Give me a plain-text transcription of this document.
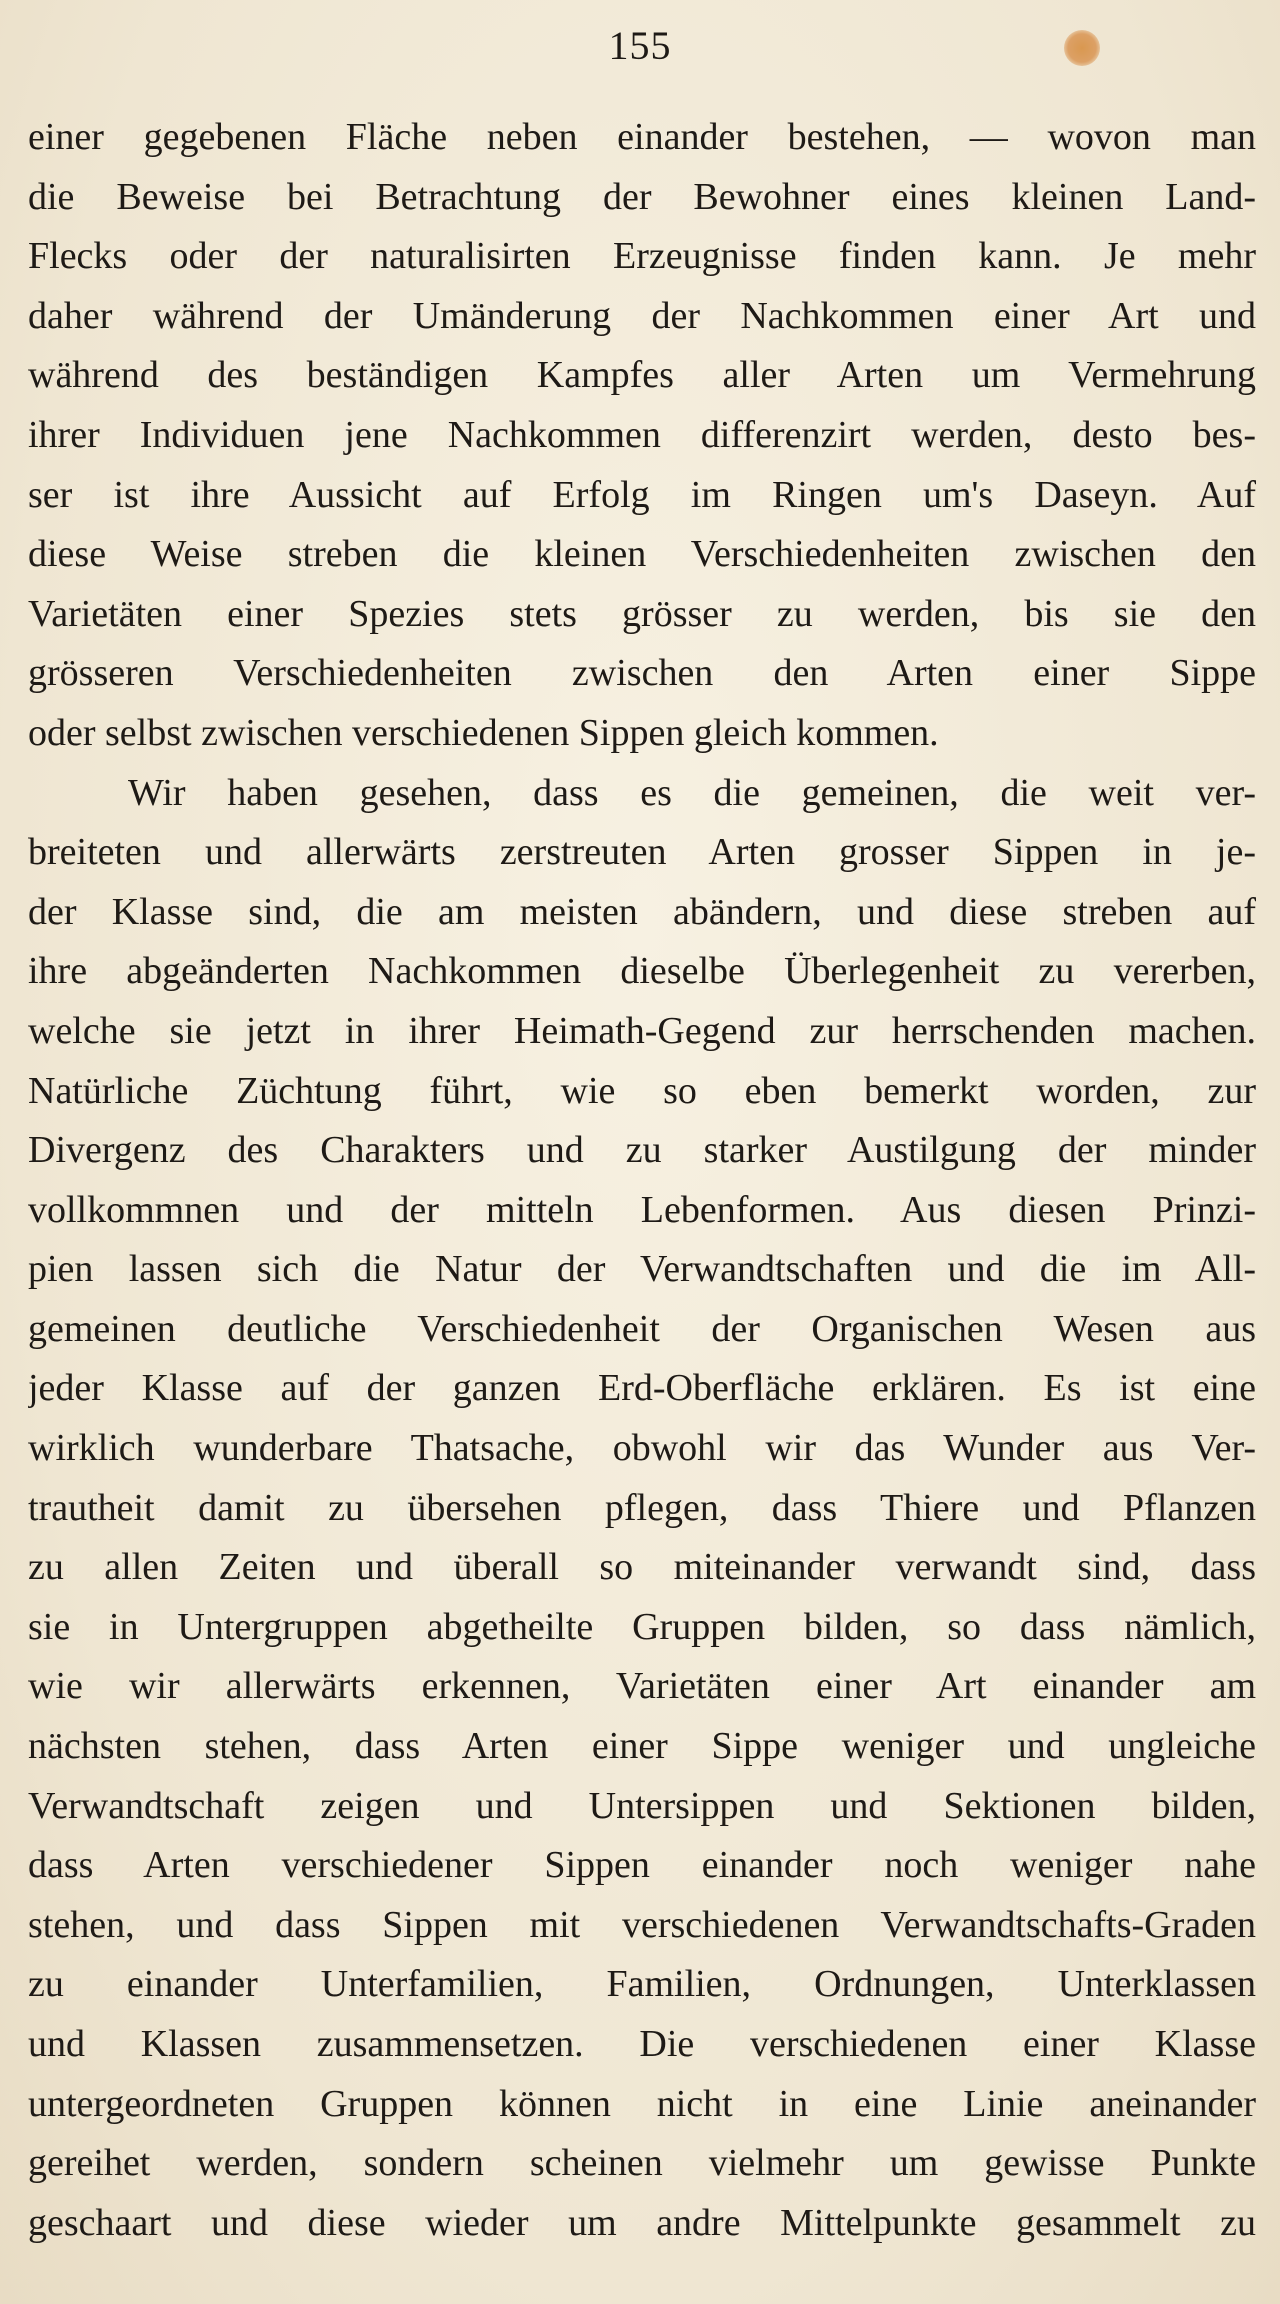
155
einer gegebenen Fläche neben einander bestehen, — wovon man
die Beweise bei Betrachtung der Bewohner eines kleinen Land-
Flecks oder der naturalisirten Erzeugnisse finden kann. Je mehr
daher während der Umänderung der Nachkommen einer Art und
während des beständigen Kampfes aller Arten um Vermehrung
ihrer Individuen jene Nachkommen differenzirt werden, desto bes-
ser ist ihre Aussicht auf Erfolg im Ringen um's Daseyn. Auf
diese Weise streben die kleinen Verschiedenheiten zwischen den
Varietäten einer Spezies stets grösser zu werden, bis sie den
grösseren Verschiedenheiten zwischen den Arten einer Sippe
oder selbst zwischen verschiedenen Sippen gleich kommen.
Wir haben gesehen, dass es die gemeinen, die weit ver-
breiteten und allerwärts zerstreuten Arten grosser Sippen in je-
der Klasse sind, die am meisten abändern, und diese streben auf
ihre abgeänderten Nachkommen dieselbe Überlegenheit zu vererben,
welche sie jetzt in ihrer Heimath-Gegend zur herrschenden machen.
Natürliche Züchtung führt, wie so eben bemerkt worden, zur
Divergenz des Charakters und zu starker Austilgung der minder
vollkommnen und der mitteln Lebenformen. Aus diesen Prinzi-
pien lassen sich die Natur der Verwandtschaften und die im All-
gemeinen deutliche Verschiedenheit der Organischen Wesen aus
jeder Klasse auf der ganzen Erd-Oberfläche erklären. Es ist eine
wirklich wunderbare Thatsache, obwohl wir das Wunder aus Ver-
trautheit damit zu übersehen pflegen, dass Thiere und Pflanzen
zu allen Zeiten und überall so miteinander verwandt sind, dass
sie in Untergruppen abgetheilte Gruppen bilden, so dass nämlich,
wie wir allerwärts erkennen, Varietäten einer Art einander am
nächsten stehen, dass Arten einer Sippe weniger und ungleiche
Verwandtschaft zeigen und Untersippen und Sektionen bilden,
dass Arten verschiedener Sippen einander noch weniger nahe
stehen, und dass Sippen mit verschiedenen Verwandtschafts-Graden
zu einander Unterfamilien, Familien, Ordnungen, Unterklassen
und Klassen zusammensetzen. Die verschiedenen einer Klasse
untergeordneten Gruppen können nicht in eine Linie aneinander
gereihet werden, sondern scheinen vielmehr um gewisse Punkte
geschaart und diese wieder um andre Mittelpunkte gesammelt zu
